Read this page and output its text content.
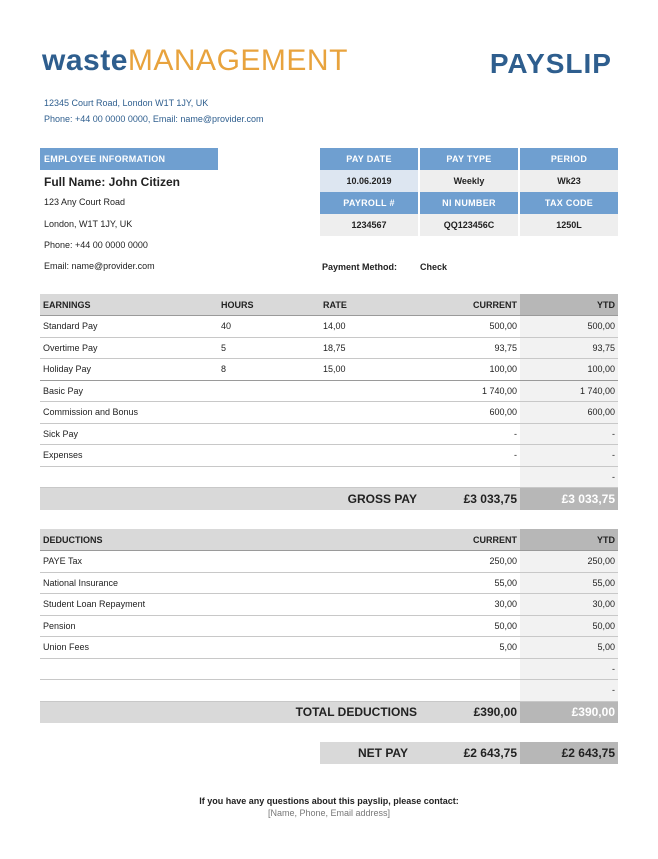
wasteMANAGEMENT	PAYSLIP
12345 Court Road, London W1T 1JY, UK
Phone: +44 00 0000 0000, Email: name@provider.com
EMPLOYEE INFORMATION
Full Name: John Citizen
123 Any Court Road
London, W1T 1JY, UK
Phone: +44 00 0000 0000
Email: name@provider.com
PAY DATE	PAY TYPE	PERIOD
10.06.2019	Weekly	Wk23
PAYROLL #	NI NUMBER	TAX CODE
1234567	QQ123456C	1250L
Payment Method:	Check
EARNINGS	HOURS	RATE	CURRENT	YTD
Standard Pay	40	14,00	500,00	500,00
Overtime Pay	5	18,75	93,75	93,75
Holiday Pay	8	15,00	100,00	100,00
Basic Pay			1 740,00	1 740,00
Commission and Bonus			600,00	600,00
Sick Pay			-	-
Expenses			-	-
				-
		GROSS PAY	£3 033,75	£3 033,75
DEDUCTIONS	CURRENT	YTD
PAYE Tax	250,00	250,00
National Insurance	55,00	55,00
Student Loan Repayment	30,00	30,00
Pension	50,00	50,00
Union Fees	5,00	5,00
		-
		-
TOTAL DEDUCTIONS	£390,00	£390,00
NET PAY	£2 643,75	£2 643,75
If you have any questions about this payslip, please contact:
[Name, Phone, Email address]
